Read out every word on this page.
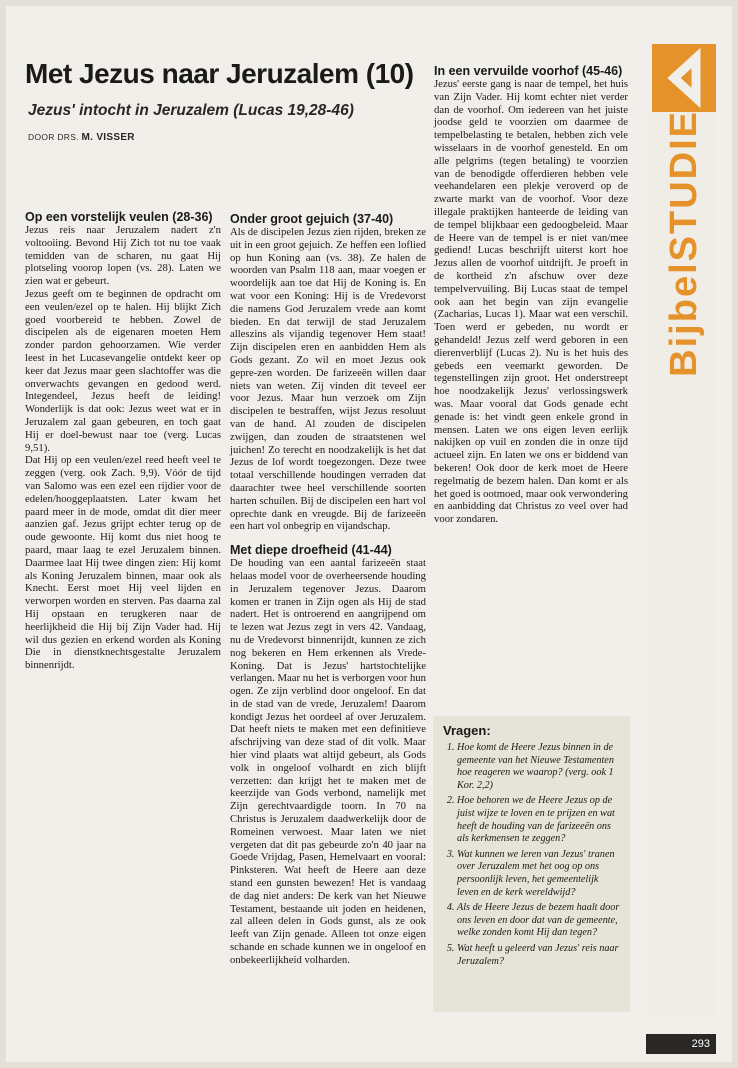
BijbelSTUDIE
Met Jezus naar Jeruzalem (10)
Jezus' intocht in Jeruzalem (Lucas 19,28-46)
DOOR DRS. M. VISSER
Op een vorstelijk veulen (28-36)

Jezus reis naar Jeruzalem nadert z'n voltooiing. Bevond Hij Zich tot nu toe vaak temidden van de scharen, nu gaat Hij plotseling voorop lopen (vs. 28). Laten we zien wat er gebeurt.

Jezus geeft om te beginnen de opdracht om een veulen/ezel op te halen. Hij blijkt Zich goed voorbereid te hebben. Zowel de discipelen als de eigenaren moeten Hem zonder pardon gehoorzamen. Wie verder leest in het Lucasevangelie ontdekt keer op keer dat Jezus maar geen slachtoffer was die onverwachts gevangen en gedood werd. Integendeel, Jezus heeft de leiding! Wonderlijk is dat ook: Jezus weet wat er in Jeruzalem zal gaan gebeuren, en toch gaat Hij er doel-bewust naar toe (verg. Lucas 9,51).

Dat Hij op een veulen/ezel reed heeft veel te zeggen (verg. ook Zach. 9,9). Vóór de tijd van Salomo was een ezel een rijdier voor de edelen/hooggeplaatsten. Later kwam het paard meer in de mode, omdat dit dier meer aanzien gaf. Jezus grijpt echter terug op de oude gewoonte. Hij komt dus niet hoog te paard, maar laag te ezel Jeruzalem binnen. Daarmee laat Hij twee dingen zien: Hij komt als Koning Jeruzalem binnen, maar ook als Knecht. Eerst moet Hij veel lijden en verworpen worden en sterven. Pas daarna zal Hij opstaan en terugkeren naar de heerlijkheid die Hij bij Zijn Vader had. Hij wil dus gezien en erkend worden als Koning Die in dienstknechtsgestalte Jeruzalem binnenrijdt.

Onder groot gejuich (37-40)

Als de discipelen Jezus zien rijden, breken ze uit in een groot gejuich. Ze heffen een loflied op hun Koning aan (vs. 38). Ze halen de woorden van Psalm 118 aan, maar voegen er woordelijk aan toe dat Hij de Koning is. En wat voor een Koning: Hij is de Vredevorst die namens God Jeruzalem vrede aan komt bieden. En dat terwijl de stad Jeruzalem alleszins als vijandig tegenover Hem staat! Zijn discipelen eren en aanbidden Hem als Gods gezant. Zo wil en moet Jezus ook gepre-zen worden. De farizeeën willen daar niets van weten. Zij vinden dit teveel eer voor Jezus. Maar hun verzoek om Zijn discipelen te bestraffen, wijst Jezus resoluut van de hand. Al zouden de discipelen zwijgen, dan zouden de straatstenen wel juichen! Zo terecht en noodzakelijk is het dat Jezus de lof wordt toegezongen. Deze twee totaal verschillende houdingen verraden dat daarachter twee heel verschillende soorten harten schuilen. Bij de discipelen een hart vol oprechte dank en vreugde. Bij de farizeeën een hart vol onbegrip en vijandschap.

Met diepe droefheid (41-44)

De houding van een aantal farizeeën staat helaas model voor de overheersende houding in Jeruzalem tegenover Jezus. Daarom komen er tranen in Zijn ogen als Hij de stad nadert. Het is ontroerend en aangrijpend om te lezen wat Jezus zegt in vers 42. Vandaag, nu de Vredevorst binnenrijdt, kunnen ze zich nog bekeren en Hem erkennen als Vrede-Koning. Dat is Jezus' hartstochtelijke verlangen. Maar nu het is verborgen voor hun ogen. Ze zijn verblind door ongeloof. En dat in de stad van de vrede, Jeruzalem! Daarom kondigt Jezus het oordeel af over Jeruzalem. Dat heeft niets te maken met een definitieve afschrijving van deze stad of dit volk. Maar hier vind plaats wat altijd gebeurt, als Gods volk in ongeloof volhardt en zich blijft verzetten: dan krijgt het te maken met de keerzijde van Gods verbond, namelijk met Zijn gerechtvaardigde toorn. In 70 na Christus is Jeruzalem daadwerkelijk door de Romeinen verwoest. Maar laten we niet vergeten dat dit pas gebeurde zo'n 40 jaar na Goede Vrijdag, Pasen, Hemelvaart en vooral: Pinksteren. Wat heeft de Heere aan deze stand een gunsten bewezen! Het is vandaag de dag niet anders: De kerk van het Nieuwe Testament, bestaande uit joden en heidenen, zal alleen delen in Gods gunst, als ze ook leeft van Zijn genade. Alleen tot onze eigen schande en schade kunnen we in ongeloof en onbekeerlijkheid volharden.

In een vervuilde voorhof (45-46)

Jezus' eerste gang is naar de tempel, het huis van Zijn Vader. Hij komt echter niet verder dan de voorhof. Om iedereen van het juiste joodse geld te voorzien om daarmee de tempelbelasting te betalen, hebben zich vele wisselaars in de voorhof genesteld. En om alle pelgrims (tegen betaling) te voorzien van de benodigde offerdieren hebben vele veehandelaren een plekje veroverd op de zwarte markt van de voorhof. Voor deze illegale praktijken hanteerde de leiding van de tempel blijkbaar een gedoogbeleid. Maar de Heere van de tempel is er niet van/mee gediend! Lucas beschrijft uiterst kort hoe Jezus allen de voorhof uitdrijft. Je proeft in de kortheid z'n afschuw over deze tempelvervuiling. Bij Lucas staat de tempel ook aan het begin van zijn evangelie (Zacharias, Lucas 1). Maar wat een verschil. Toen werd er gebeden, nu wordt er gehandeld! Jezus zelf werd geboren in een dierenverblijf (Lucas 2). Nu is het huis des gebeds een veemarkt geworden. De tegenstellingen zijn groot. Het onderstreept hoe noodzakelijk Jezus' verlossingswerk was. Maar vooral dat Gods genade echt genade is: het vindt geen enkele grond in mensen. Laten we ons eigen leven eerlijk nakijken op vuil en zonden die in onze tijd actueel zijn. En laten we ons er biddend van bekeren! Ook door de kerk moet de Heere regelmatig de bezem halen. Dan komt er als het goed is ootmoed, maar ook verwondering en aanbidding dat Christus zo veel over had voor zondaren.

Vragen:
1. Hoe komt de Heere Jezus binnen in de gemeente van het Nieuwe Testamenten hoe reageren we waarop? (verg. ook 1 Kor. 2,2)
2. Hoe behoren we de Heere Jezus op de juist wijze te loven en te prijzen en wat heeft de houding van de farizeeën ons als kerkmensen te zeggen?
3. Wat kunnen we leren van Jezus' tranen over Jeruzalem met het oog op ons persoonlijk leven, het gemeentelijk leven en de kerk wereldwijd?
4. Als de Heere Jezus de bezem haalt door ons leven en door dat van de gemeente, welke zonden komt Hij dan tegen?
5. Wat heeft u geleerd van Jezus' reis naar Jeruzalem?
293
